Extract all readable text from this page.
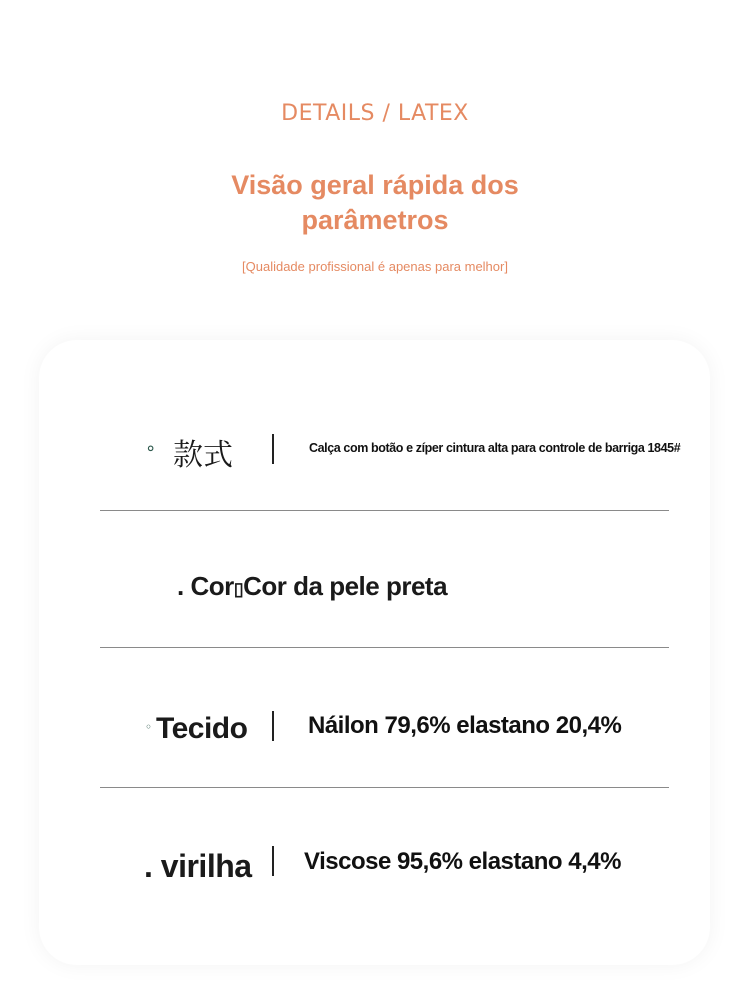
DETAILS / LATEX
Visão geral rápida dos
parâmetros
[Qualidade profissional é apenas para melhor]
∘ 款式	Calça com botão e zíper cintura alta para controle de barriga 1845#
. Cor▯Cor da pele preta
◦ Tecido	Náilon 79,6% elastano 20,4%
. virilha Viscose 95,6% elastano 4,4%
